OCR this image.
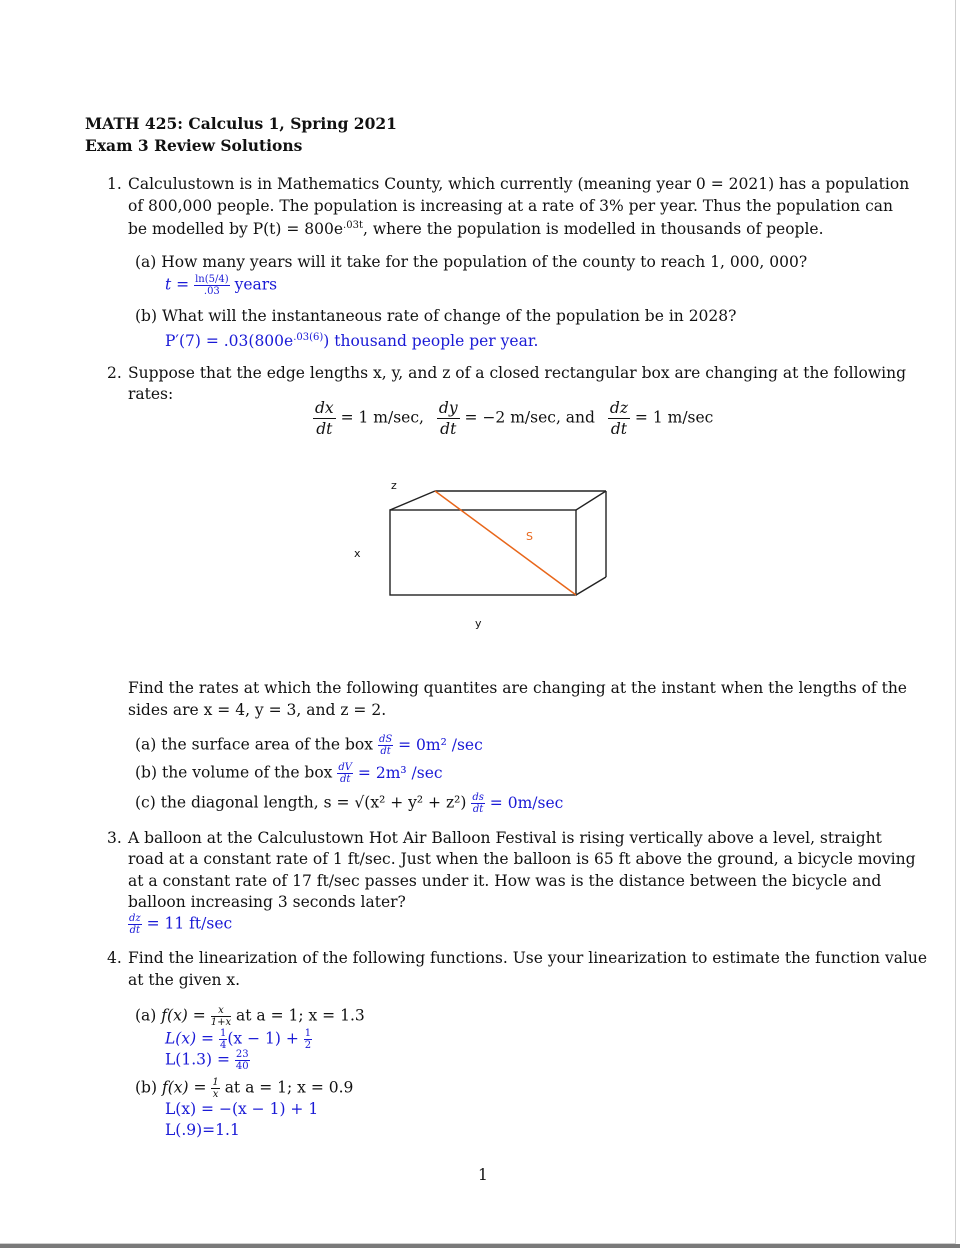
MATH 425: Calculus 1, Spring 2021
Exam 3 Review Solutions
1. Calculustown is in Mathematics County, which currently (meaning year 0 = 2021) has a population
of 800,000 people. The population is increasing at a rate of 3% per year. Thus the population can
be modelled by $P(t) = 800e^{.03t}$, where the population is modelled in thousands of people.
(a) How many years will it take for the population of the county to reach 1, 000, 000?
$t = \frac{\ln(5/4)}{.03}$ years
(b) What will the instantaneous rate of change of the population be in 2028?
$P'(7) = .03(800e^{.03(6)})$ thousand people per year.
2. Suppose that the edge lengths x, y, and z of a closed rectangular box are changing at the following
rates:
$\frac{dx}{dt} = 1$ m/sec, $\frac{dy}{dt} = -2$ m/sec, and $\frac{dz}{dt} = 1$ m/sec
z
x
y
S
Find the rates at which the following quantites are changing at the instant when the lengths of the
sides are x = 4, y = 3, and z = 2.
(a) the surface area of the box $\frac{dS}{dt} = 0m^2$ /sec
(b) the volume of the box $\frac{dV}{dt} = 2m^3$ /sec
(c) the diagonal length, $s = √(x^2 + y^2 + z^2) \frac{ds}{dt} = 0m/\sec$
3. A balloon at the Calculustown Hot Air Balloon Festival is rising vertically above a level, straight
road at a constant rate of 1 ft/sec. Just when the balloon is 65 ft above the ground, a bicycle moving
at a constant rate of 17 ft/sec passes under it. How was is the distance between the bicycle and
balloon increasing 3 seconds later?
$\frac{dz}{dt} = 11$ ft/sec
4. Find the linearization of the following functions. Use your linearization to estimate the function value
at the given x.
(a) $f(x) = \frac{x}{1+x}$ at a = 1; x = 1.3
$L(x) = \frac{1}{4} (x - 1) + \frac{1}{2}$
$L(1.3) = \frac{23}{40}$
(b) $f(x) = \frac{1}{x}$ at a = 1; x = 0.9
L(x) = −(x − 1) + 1
L(.9)=1.1
1
